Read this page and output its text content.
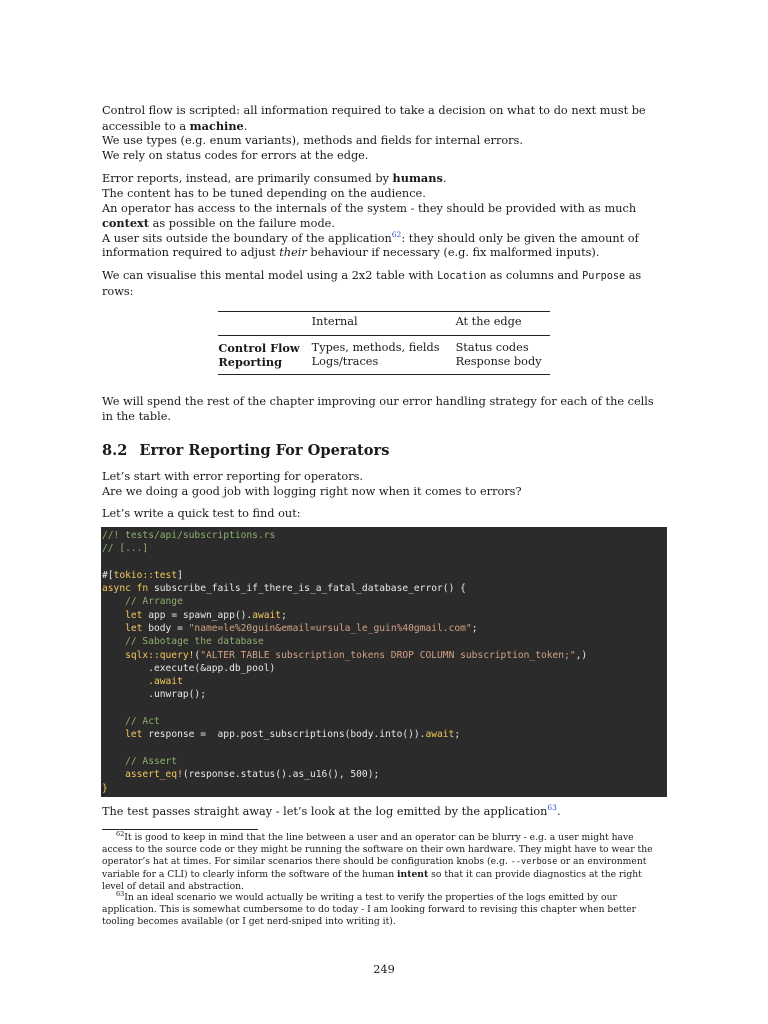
Control flow is scripted: all information required to take a decision on what to do next must be accessible to a machine.
We use types (e.g. enum variants), methods and fields for internal errors.
We rely on status codes for errors at the edge.

Error reports, instead, are primarily consumed by humans.
The content has to be tuned depending on the audience.
An operator has access to the internals of the system - they should be provided with as much context as possible on the failure mode.
A user sits outside the boundary of the application$^{62}$: they should only be given the amount of information required to adjust their behaviour if necessary (e.g. fix malformed inputs).

We can visualise this mental model using a 2x2 table with Location as columns and Purpose as rows:

	Internal	At the edge
Control Flow	Types, methods, fields	Status codes
Reporting	Logs/traces	Response body

We will spend the rest of the chapter improving our error handling strategy for each of the cells in the table.

8.2 Error Reporting For Operators

Let’s start with error reporting for operators.
Are we doing a good job with logging right now when it comes to errors?

Let’s write a quick test to find out:

//! tests/api/subscriptions.rs
// [...]
#[tokio::test]
async fn subscribe_fails_if_there_is_a_fatal_database_error() {
// Arrange
let app = spawn_app().await;
let body = "name=le%20guin&email=ursula_le_guin%40gmail.com";
// Sabotage the database
sqlx::query!("ALTER TABLE subscription_tokens DROP COLUMN subscription_token;",)
.execute(&app.db_pool)
.await
.unwrap();
// Act
let response =  app.post_subscriptions(body.into()).await;
// Assert
assert_eq!(response.status().as_u16(), 500);
}

The test passes straight away - let’s look at the log emitted by the application$^{63}$.

$^{62}$It is good to keep in mind that the line between a user and an operator can be blurry - e.g. a user might have access to the source code or they might be running the software on their own hardware. They might have to wear the operator’s hat at times. For similar scenarios there should be configuration knobs (e.g. --verbose or an environment variable for a CLI) to clearly inform the software of the human intent so that it can provide diagnostics at the right level of detail and abstraction.

$^{63}$In an ideal scenario we would actually be writing a test to verify the properties of the logs emitted by our application. This is somewhat cumbersome to do today - I am looking forward to revising this chapter when better tooling becomes available (or I get nerd-sniped into writing it).

249
